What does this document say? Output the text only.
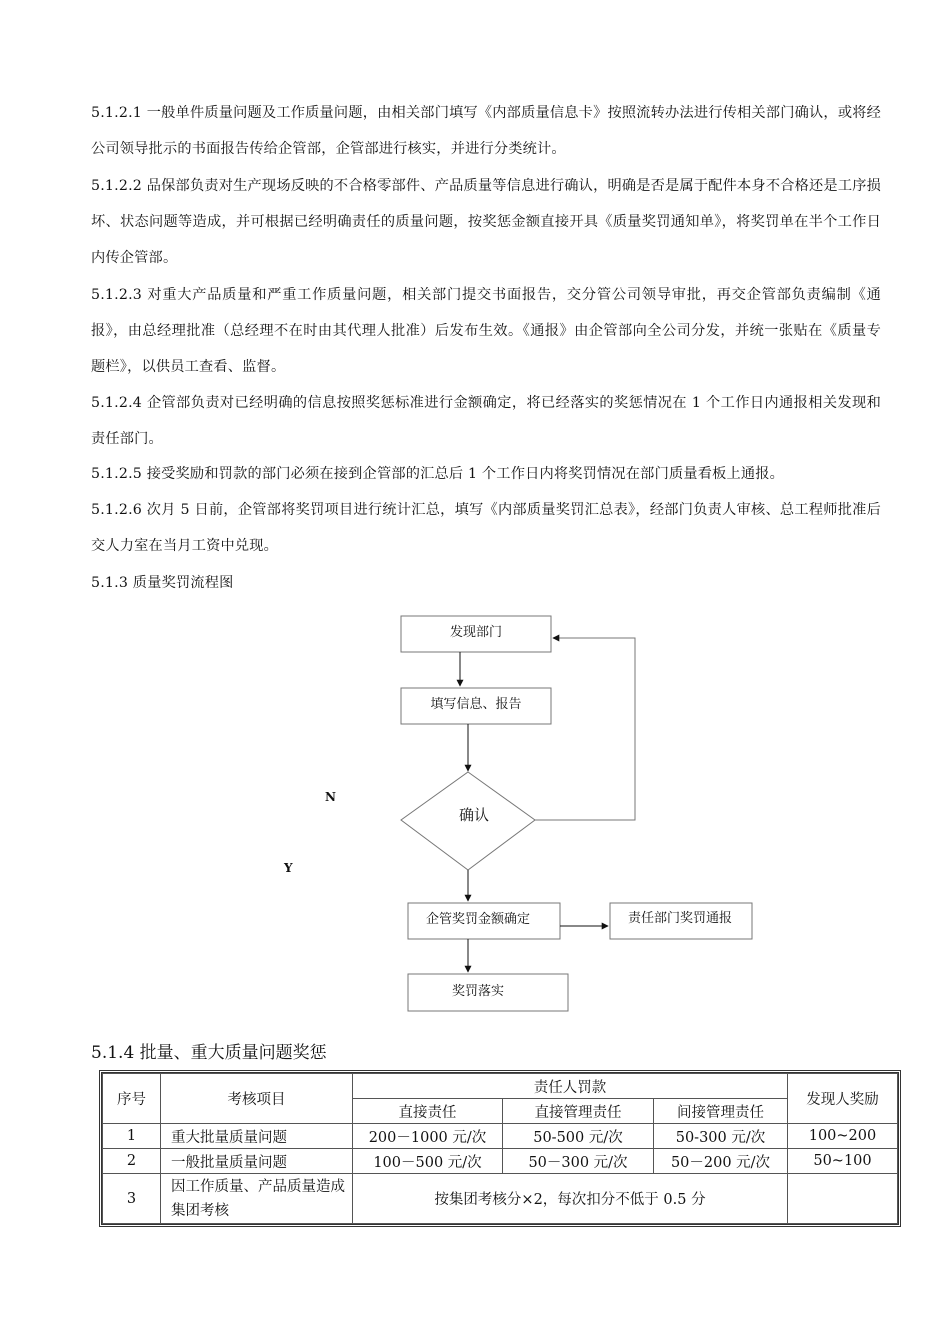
5.1.2.1 一般单件质量问题及工作质量问题，由相关部门填写《内部质量信息卡》按照流转办法进行传相关部门确认，或将经公司领导批示的书面报告传给企管部，企管部进行核实，并进行分类统计。

5.1.2.2 品保部负责对生产现场反映的不合格零部件、产品质量等信息进行确认，明确是否是属于配件本身不合格还是工序损坏、状态问题等造成，并可根据已经明确责任的质量问题，按奖惩金额直接开具《质量奖罚通知单》，将奖罚单在半个工作日内传企管部。

5.1.2.3 对重大产品质量和严重工作质量问题，相关部门提交书面报告，交分管公司领导审批，再交企管部负责编制《通报》，由总经理批准（总经理不在时由其代理人批准）后发布生效。《通报》由企管部向全公司分发，并统一张贴在《质量专题栏》，以供员工查看、监督。

5.1.2.4 企管部负责对已经明确的信息按照奖惩标准进行金额确定，将已经落实的奖惩情况在 1 个工作日内通报相关发现和责任部门。

5.1.2.5 接受奖励和罚款的部门必须在接到企管部的汇总后 1 个工作日内将奖罚情况在部门质量看板上通报。

5.1.2.6 次月 5 日前，企管部将奖罚项目进行统计汇总，填写《内部质量奖罚汇总表》，经部门负责人审核、总工程师批准后交人力室在当月工资中兑现。

5.1.3 质量奖罚流程图

发现部门
填写信息、报告
确认
企管奖罚金额确定	责任部门奖罚通报
奖罚落实
N
Y

5.1.4 批量、重大质量问题奖惩

序号	考核项目	责任人罚款			发现人奖励
		直接责任	直接管理责任	间接管理责任	
1	重大批量质量问题	200－1000 元/次	50-500 元/次	50-300 元/次	100~200
2	一般批量质量问题	100－500 元/次	50－300 元/次	50－200 元/次	50~100
3	因工作质量、产品质量造成集团考核	按集团考核分×2，每次扣分不低于 0.5 分			
